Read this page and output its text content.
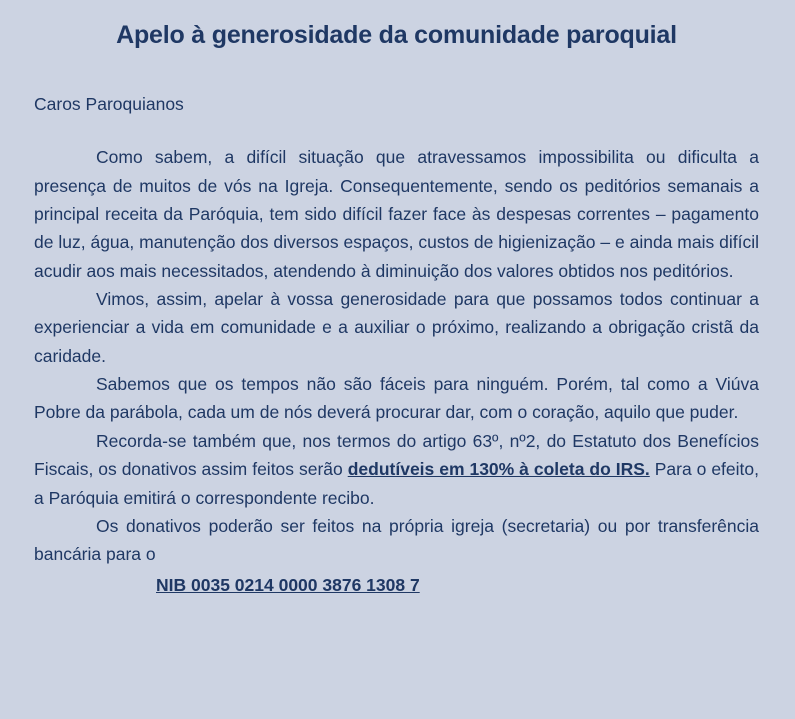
Apelo à generosidade da comunidade paroquial

Caros Paroquianos

Como sabem, a difícil situação que atravessamos impossibilita ou dificulta a presença de muitos de vós na Igreja. Consequentemente, sendo os peditórios semanais a principal receita da Paróquia, tem sido difícil fazer face às despesas correntes – pagamento de luz, água, manutenção dos diversos espaços, custos de higienização – e ainda mais difícil acudir aos mais necessitados, atendendo à diminuição dos valores obtidos nos peditórios.

Vimos, assim, apelar à vossa generosidade para que possamos todos continuar a experienciar a vida em comunidade e a auxiliar o próximo, realizando a obrigação cristã da caridade.

Sabemos que os tempos não são fáceis para ninguém. Porém, tal como a Viúva Pobre da parábola, cada um de nós deverá procurar dar, com o coração, aquilo que puder.

Recorda-se também que, nos termos do artigo 63º, nº2, do Estatuto dos Benefícios Fiscais, os donativos assim feitos serão dedutíveis em 130% à coleta do IRS. Para o efeito, a Paróquia emitirá o correspondente recibo.

Os donativos poderão ser feitos na própria igreja (secretaria) ou por transferência bancária para o

NIB 0035 0214 0000 3876 1308 7
